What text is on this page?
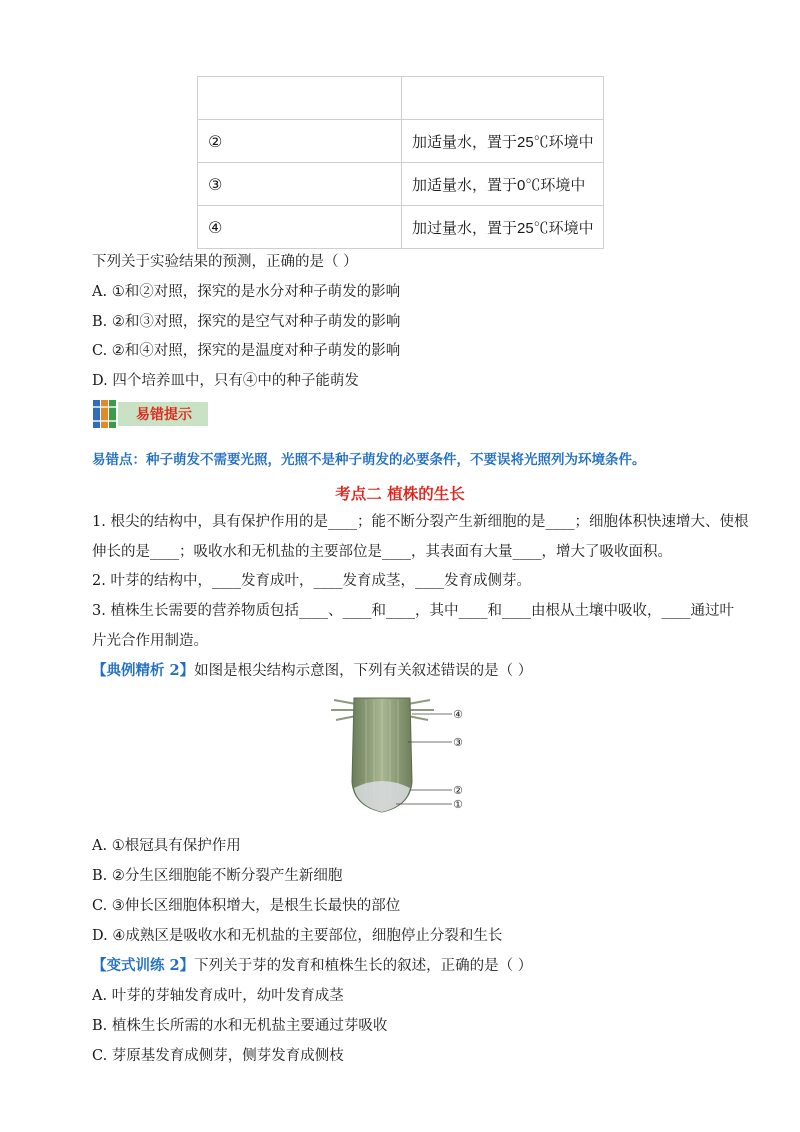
②	加适量水，置于25℃环境中
③	加适量水，置于0℃环境中
④	加过量水，置于25℃环境中
下列关于实验结果的预测，正确的是（ ）
A. ①和②对照，探究的是水分对种子萌发的影响
B. ②和③对照，探究的是空气对种子萌发的影响
C. ②和④对照，探究的是温度对种子萌发的影响
D. 四个培养皿中，只有④中的种子能萌发
易错提示
易错点：种子萌发不需要光照，光照不是种子萌发的必要条件，不要误将光照列为环境条件。
考点二 植株的生长
1. 根尖的结构中，具有保护作用的是____；能不断分裂产生新细胞的是____；细胞体积快速增大、使根
伸长的是____；吸收水和无机盐的主要部位是____，其表面有大量____，增大了吸收面积。
2. 叶芽的结构中，____发育成叶，____发育成茎，____发育成侧芽。
3. 植株生长需要的营养物质包括____、____和____，其中____和____由根从土壤中吸收，____通过叶
片光合作用制造。
【典例精析 2】如图是根尖结构示意图，下列有关叙述错误的是（ ）
④
③
②
①
A. ①根冠具有保护作用
B. ②分生区细胞能不断分裂产生新细胞
C. ③伸长区细胞体积增大，是根生长最快的部位
D. ④成熟区是吸收水和无机盐的主要部位，细胞停止分裂和生长
【变式训练 2】下列关于芽的发育和植株生长的叙述，正确的是（ ）
A. 叶芽的芽轴发育成叶，幼叶发育成茎
B. 植株生长所需的水和无机盐主要通过芽吸收
C. 芽原基发育成侧芽，侧芽发育成侧枝
